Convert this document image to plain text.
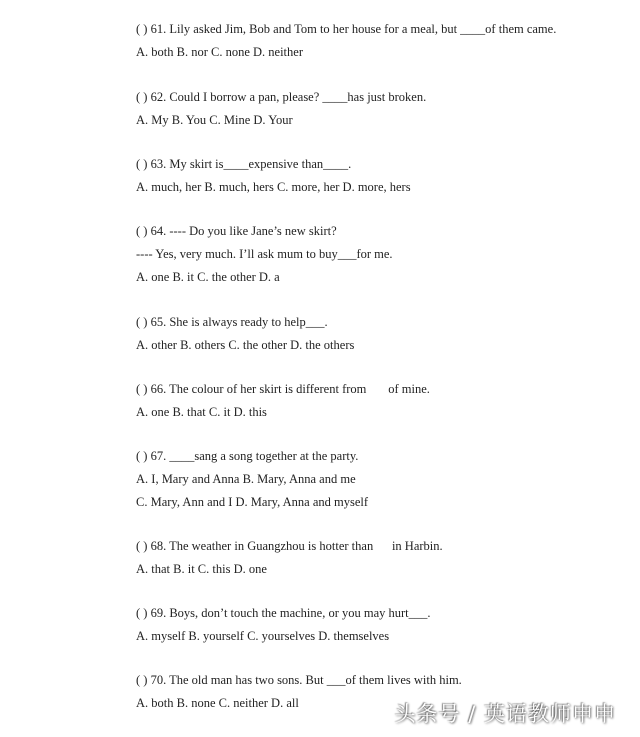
( ) 61. Lily asked Jim, Bob and Tom to her house for a meal, but ____of them came.
A. both B. nor C. none D. neither
( ) 62. Could I borrow a pan, please? ____has just broken.
A. My B. You C. Mine D. Your
( ) 63. My skirt is____expensive than____.
A. much, her B. much, hers C. more, her D. more, hers
( ) 64. ---- Do you like Jane’s new skirt?
---- Yes, very much. I’ll ask mum to buy___for me.
A. one B. it C. the other D. a
( ) 65. She is always ready to help___.
A. other B. others C. the other D. the others
( ) 66. The colour of her skirt is different from       of mine.
A. one B. that C. it D. this
( ) 67. ____sang a song together at the party.
A. I, Mary and Anna B. Mary, Anna and me
C. Mary, Ann and I D. Mary, Anna and myself
( ) 68. The weather in Guangzhou is hotter than      in Harbin.
A. that B. it C. this D. one
( ) 69. Boys, don’t touch the machine, or you may hurt___.
A. myself B. yourself C. yourselves D. themselves
( ) 70. The old man has two sons. But ___of them lives with him.
A. both B. none C. neither D. all	头条号 / 英语教师申申
